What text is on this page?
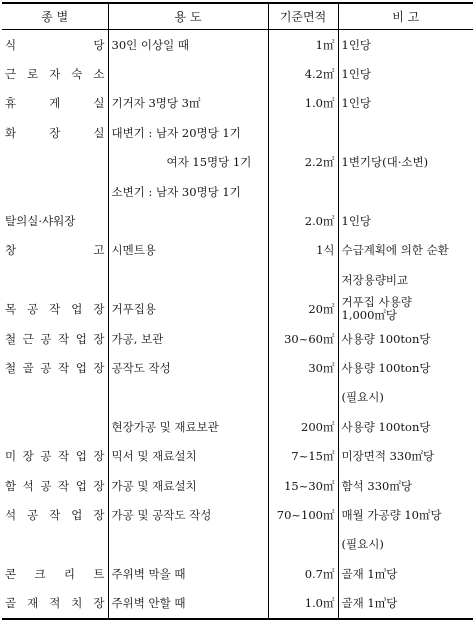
종 별	용 도	기준면적	비 고
식 당	30인 이상일 때	1㎡	1인당
근 로 자 숙 소		4.2㎡	1인당
휴 게 실	기거자 3명당 3㎡	1.0㎡	1인당
화 장 실	대변기 : 남자 20명당 1기		
	여자 15명당 1기	2.2㎡	1변기당(대·소변)
	소변기 : 남자 30명당 1기		
탈의실·샤워장		2.0㎡	1인당
창 고	시멘트용	1식	수급계획에 의한 순환
			저장용량비교
목 공 작 업 장	거푸집용	20㎡	거푸집 사용량
1,000㎡당

철 근 공 작 업 장	가공, 보관	30~60㎡	사용량 100ton당
철 골 공 작 업 장	공작도 작성	30㎡	사용량 100ton당
			(필요시)
	현장가공 및 재료보관	200㎡	사용량 100ton당
미 장 공 작 업 장	믹서 및 재료설치	7~15㎡	미장면적 330㎡당
함 석 공 작 업 장	가공 및 재료설치	15~30㎡	함석 330㎡당
석 공 작 업 장	가공 및 공작도 작성	70~100㎡	매월 가공량 10㎡당
			(필요시)
콘 크 리 트	주위벽 막을 때	0.7㎡	골재 1㎥당
골 재 적 치 장	주위벽 안할 때	1.0㎡	골재 1㎥당
